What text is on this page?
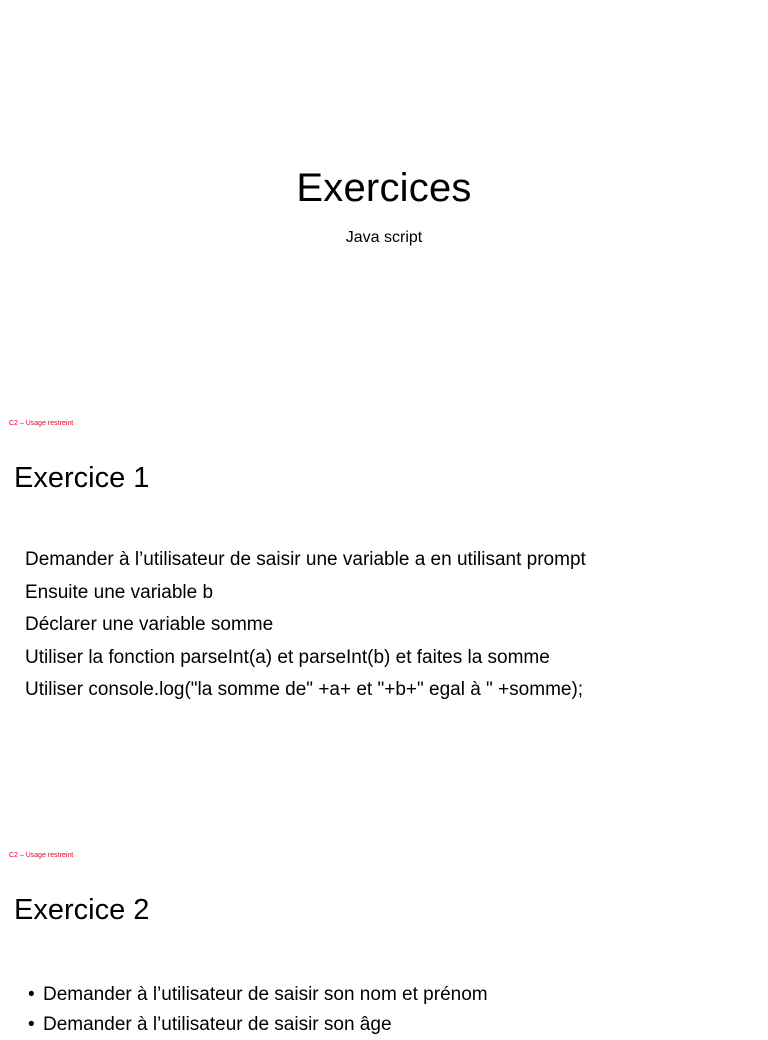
Exercices
Java script
C2 – Usage restreint
Exercice 1
Demander à l’utilisateur de saisir une variable a en utilisant prompt
Ensuite une variable b
Déclarer une variable somme
Utiliser la fonction parseInt(a) et parseInt(b) et faites la somme
Utiliser console.log("la somme de" +a+ et "+b+" egal à " +somme);
C2 – Usage restreint
Exercice 2
• Demander à l’utilisateur de saisir son nom et prénom
• Demander à l’utilisateur de saisir son âge
